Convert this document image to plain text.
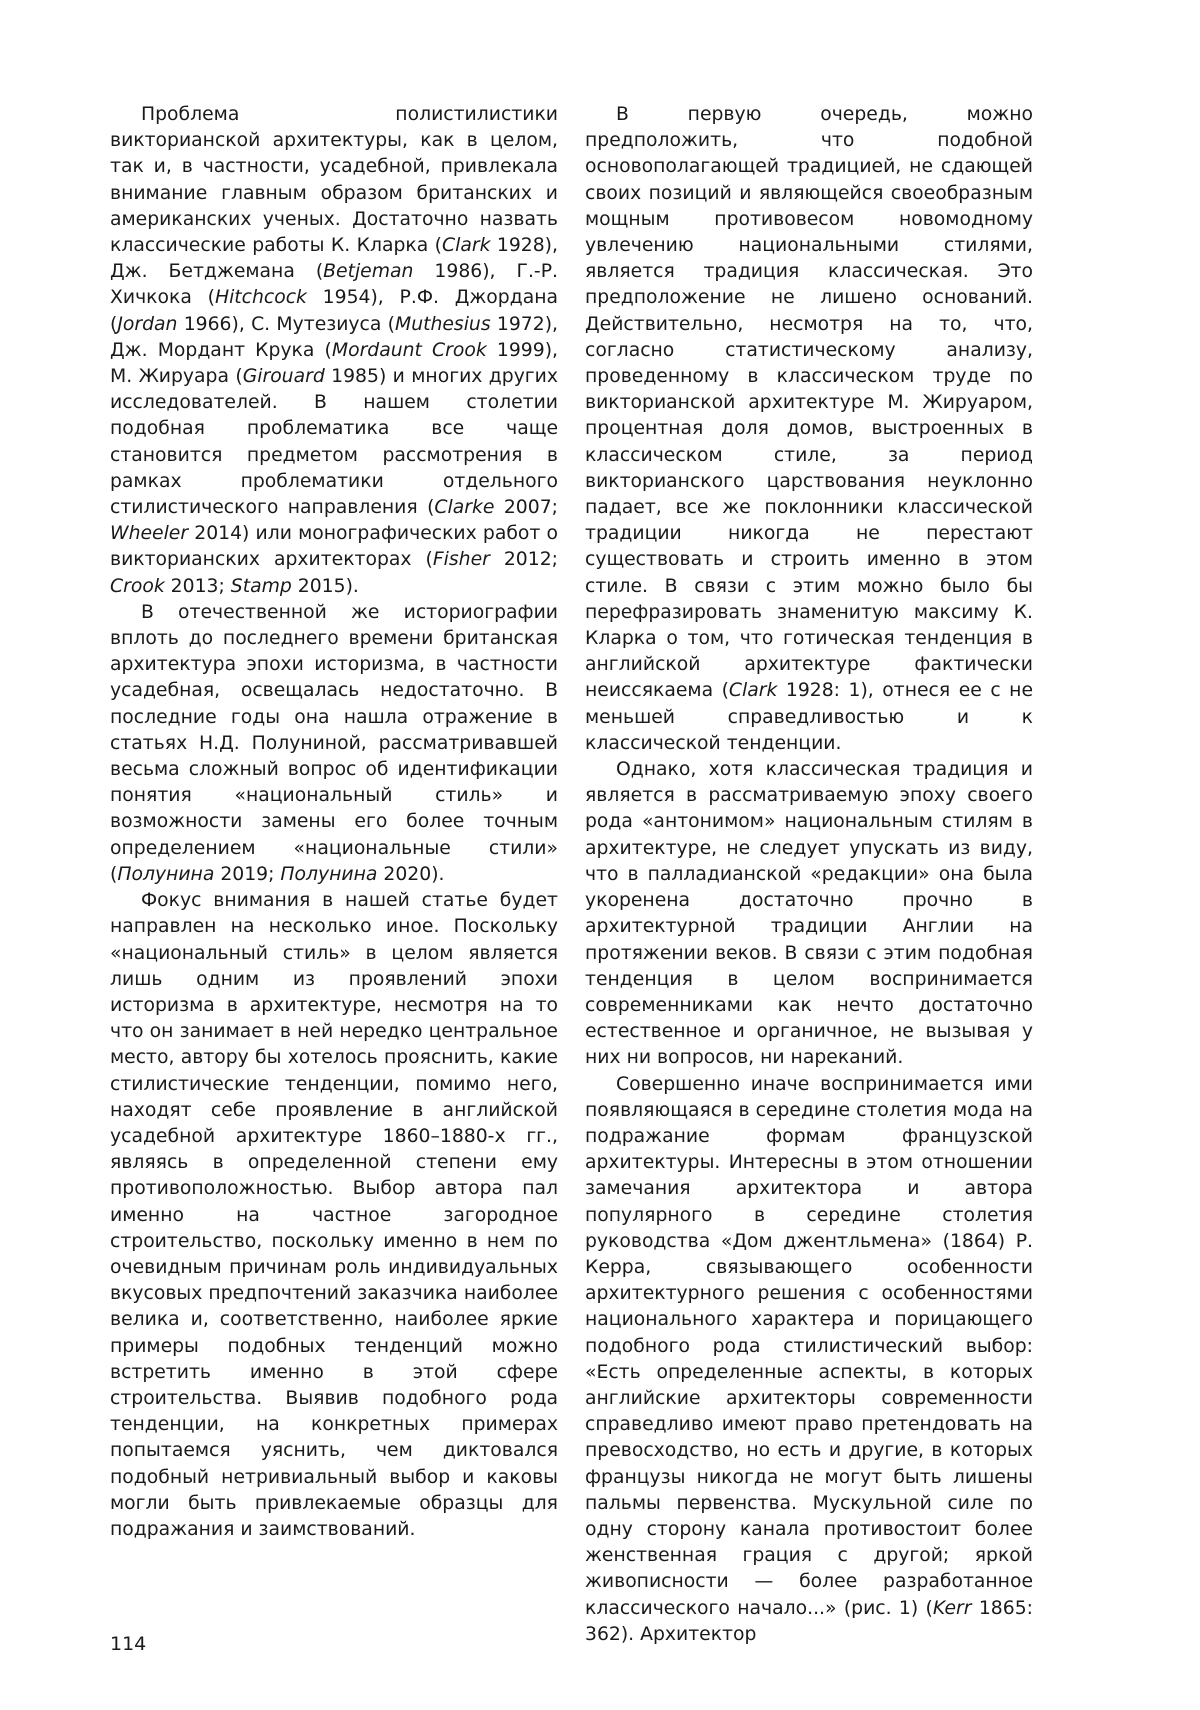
Проблема полистилистики викторианской архитектуры, как в целом, так и, в частности, усадебной, привлекала внимание главным образом британских и американских ученых. Достаточно назвать классические работы К. Кларка (Clark 1928), Дж. Бетджемана (Betjeman 1986), Г.-Р. Хичкока (Hitchcock 1954), Р.Ф. Джордана (Jordan 1966), С. Мутезиуса (Muthesius 1972), Дж. Мордант Крука (Mordaunt Crook 1999), М. Жируара (Girouard 1985) и многих других исследователей. В нашем столетии подобная проблематика все чаще становится предметом рассмотрения в рамках проблематики отдельного стилистического направления (Clarke 2007; Wheeler 2014) или монографических работ о викторианских архитекторах (Fisher 2012; Crook 2013; Stamp 2015).

В отечественной же историографии вплоть до последнего времени британская архитектура эпохи историзма, в частности усадебная, освещалась недостаточно. В последние годы она нашла отражение в статьях Н.Д. Полуниной, рассматривавшей весьма сложный вопрос об идентификации понятия «национальный стиль» и возможности замены его более точным определением «национальные стили» (Полунина 2019; Полунина 2020).

Фокус внимания в нашей статье будет направлен на несколько иное. Поскольку «национальный стиль» в целом является лишь одним из проявлений эпохи историзма в архитектуре, несмотря на то что он занимает в ней нередко центральное место, автору бы хотелось прояснить, какие стилистические тенденции, помимо него, находят себе проявление в английской усадебной архитектуре 1860–1880-х гг., являясь в определенной степени ему противоположностью. Выбор автора пал именно на частное загородное строительство, поскольку именно в нем по очевидным причинам роль индивидуальных вкусовых предпочтений заказчика наиболее велика и, соответственно, наиболее яркие примеры подобных тенденций можно встретить именно в этой сфере строительства. Выявив подобного рода тенденции, на конкретных примерах попытаемся уяснить, чем диктовался подобный нетривиальный выбор и каковы могли быть привлекаемые образцы для подражания и заимствований.

В первую очередь, можно предположить, что подобной основополагающей традицией, не сдающей своих позиций и являющейся своеобразным мощным противовесом новомодному увлечению национальными стилями, является традиция классическая. Это предположение не лишено оснований. Действительно, несмотря на то, что, согласно статистическому анализу, проведенному в классическом труде по викторианской архитектуре М. Жируаром, процентная доля домов, выстроенных в классическом стиле, за период викторианского царствования неуклонно падает, все же поклонники классической традиции никогда не перестают существовать и строить именно в этом стиле. В связи с этим можно было бы перефразировать знаменитую максиму К. Кларка о том, что готическая тенденция в английской архитектуре фактически неиссякаема (Clark 1928: 1), отнеся ее с не меньшей справедливостью и к классической тенденции.

Однако, хотя классическая традиция и является в рассматриваемую эпоху своего рода «антонимом» национальным стилям в архитектуре, не следует упускать из виду, что в палладианской «редакции» она была укоренена достаточно прочно в архитектурной традиции Англии на протяжении веков. В связи с этим подобная тенденция в целом воспринимается современниками как нечто достаточно естественное и органичное, не вызывая у них ни вопросов, ни нареканий.

Совершенно иначе воспринимается ими появляющаяся в середине столетия мода на подражание формам французской архитектуры. Интересны в этом отношении замечания архитектора и автора популярного в середине столетия руководства «Дом джентльмена» (1864) Р. Керра, связывающего особенности архитектурного решения с особенностями национального характера и порицающего подобного рода стилистический выбор: «Есть определенные аспекты, в которых английские архитекторы современности справедливо имеют право претендовать на превосходство, но есть и другие, в которых французы никогда не могут быть лишены пальмы первенства. Мускульной силе по одну сторону канала противостоит более женственная грация с другой; яркой живописности — более разработанное классического начало...» (рис. 1) (Kerr 1865: 362). Архитектор

114
